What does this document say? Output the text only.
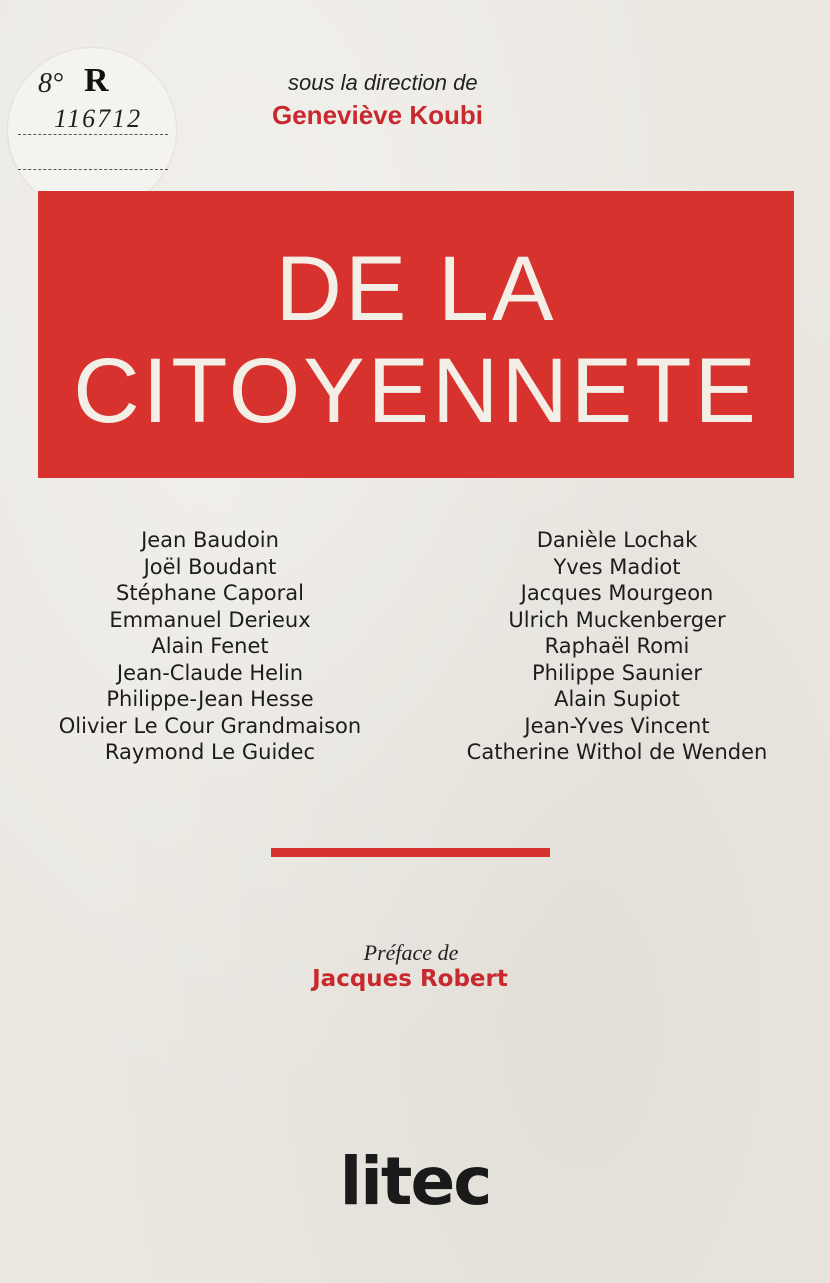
8° R
116712
sous la direction de
Geneviève Koubi
DE LA
CITOYENNETE
Jean Baudoin
Joël Boudant
Stéphane Caporal
Emmanuel Derieux
Alain Fenet
Jean-Claude Helin
Philippe-Jean Hesse
Olivier Le Cour Grandmaison
Raymond Le Guidec
Danièle Lochak
Yves Madiot
Jacques Mourgeon
Ulrich Muckenberger
Raphaël Romi
Philippe Saunier
Alain Supiot
Jean-Yves Vincent
Catherine Withol de Wenden
Préface de
Jacques Robert
litec
